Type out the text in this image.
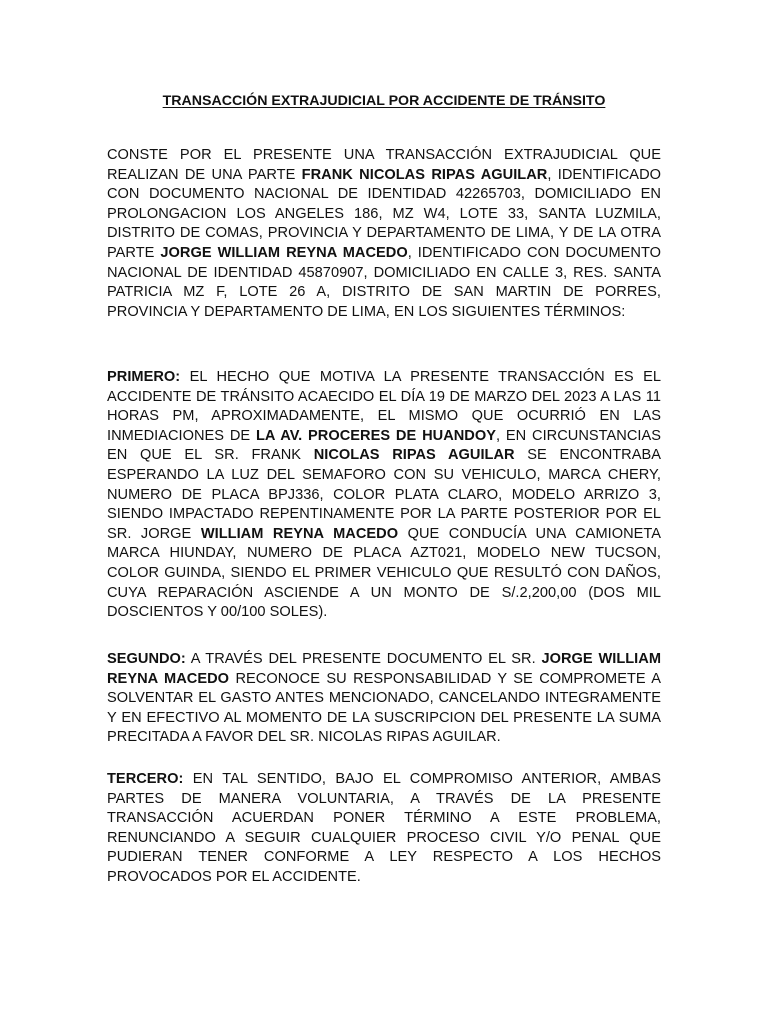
TRANSACCIÓN EXTRAJUDICIAL POR ACCIDENTE DE TRÁNSITO
CONSTE POR EL PRESENTE UNA TRANSACCIÓN EXTRAJUDICIAL QUE REALIZAN DE UNA PARTE FRANK NICOLAS RIPAS AGUILAR, IDENTIFICADO CON DOCUMENTO NACIONAL DE IDENTIDAD 42265703, DOMICILIADO EN PROLONGACION LOS ANGELES 186, MZ W4, LOTE 33, SANTA LUZMILA, DISTRITO DE COMAS, PROVINCIA Y DEPARTAMENTO DE LIMA, Y DE LA OTRA PARTE JORGE WILLIAM REYNA MACEDO, IDENTIFICADO CON DOCUMENTO NACIONAL DE IDENTIDAD 45870907, DOMICILIADO EN CALLE 3, RES. SANTA PATRICIA MZ F, LOTE 26 A, DISTRITO DE SAN MARTIN DE PORRES, PROVINCIA Y DEPARTAMENTO DE LIMA, EN LOS SIGUIENTES TÉRMINOS:
PRIMERO: EL HECHO QUE MOTIVA LA PRESENTE TRANSACCIÓN ES EL ACCIDENTE DE TRÁNSITO ACAECIDO EL DÍA 19 DE MARZO DEL 2023 A LAS 11 HORAS PM, APROXIMADAMENTE, EL MISMO QUE OCURRIÓ EN LAS INMEDIACIONES DE LA AV. PROCERES DE HUANDOY, EN CIRCUNSTANCIAS EN QUE EL SR. FRANK NICOLAS RIPAS AGUILAR SE ENCONTRABA ESPERANDO LA LUZ DEL SEMAFORO CON SU VEHICULO, MARCA CHERY, NUMERO DE PLACA BPJ336, COLOR PLATA CLARO, MODELO ARRIZO 3, SIENDO IMPACTADO REPENTINAMENTE POR LA PARTE POSTERIOR POR EL SR. JORGE WILLIAM REYNA MACEDO QUE CONDUCÍA UNA CAMIONETA MARCA HIUNDAY, NUMERO DE PLACA AZT021, MODELO NEW TUCSON, COLOR GUINDA, SIENDO EL PRIMER VEHICULO QUE RESULTÓ CON DAÑOS, CUYA REPARACIÓN ASCIENDE A UN MONTO DE S/.2,200,00 (DOS MIL DOSCIENTOS Y 00/100 SOLES).
SEGUNDO: A TRAVÉS DEL PRESENTE DOCUMENTO EL SR. JORGE WILLIAM REYNA MACEDO RECONOCE SU RESPONSABILIDAD Y SE COMPROMETE A SOLVENTAR EL GASTO ANTES MENCIONADO, CANCELANDO INTEGRAMENTE Y EN EFECTIVO AL MOMENTO DE LA SUSCRIPCION DEL PRESENTE LA SUMA PRECITADA A FAVOR DEL SR. NICOLAS RIPAS AGUILAR.
TERCERO: EN TAL SENTIDO, BAJO EL COMPROMISO ANTERIOR, AMBAS PARTES DE MANERA VOLUNTARIA, A TRAVÉS DE LA PRESENTE TRANSACCIÓN ACUERDAN PONER TÉRMINO A ESTE PROBLEMA, RENUNCIANDO A SEGUIR CUALQUIER PROCESO CIVIL Y/O PENAL QUE PUDIERAN TENER CONFORME A LEY RESPECTO A LOS HECHOS PROVOCADOS POR EL ACCIDENTE.
